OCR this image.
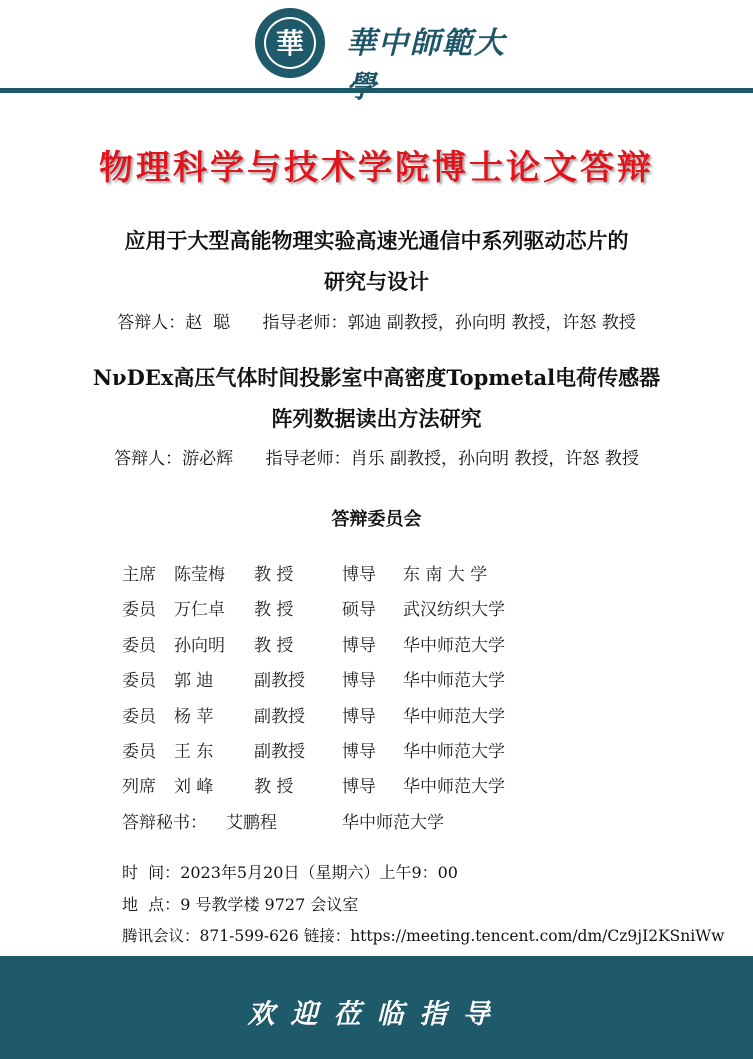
華 華中師範大
物理科学与技术学院博士论文答辩
应用于大型高能物理实验高速光通信中系列驱动芯片的
研究与设计
答辩人：赵  聪 指导老师：郭迪 副教授，孙向明 教授，许怒 教授
NνDEx高压气体时间投影室中高密度Topmetal电荷传感器
阵列数据读出方法研究
答辩人：游必辉 指导老师：肖乐 副教授，孙向明 教授，许怒 教授
答辩委员会
主席 陈莹梅 教 授	博导 东 南 大 学
委员 万仁卓 教 授	硕导 武汉纺织大学
委员 孙向明 教 授	博导 华中师范大学
委员 郭 迪 副教授 博导 华中师范大学
委员 杨 苹 副教授 博导 华中师范大学
委员 王 东 副教授 博导 华中师范大学
列席 刘 峰 教 授	博导 华中师范大学
答辩秘书： 艾鹏程	华中师范大学
时  间：2023年5月20日（星期六）上午9：00
地  点：9 号教学楼 9727 会议室
腾讯会议：871-599-626 链接：https://meeting.tencent.com/dm/Cz9jI2KSniWw
欢迎莅临指导
